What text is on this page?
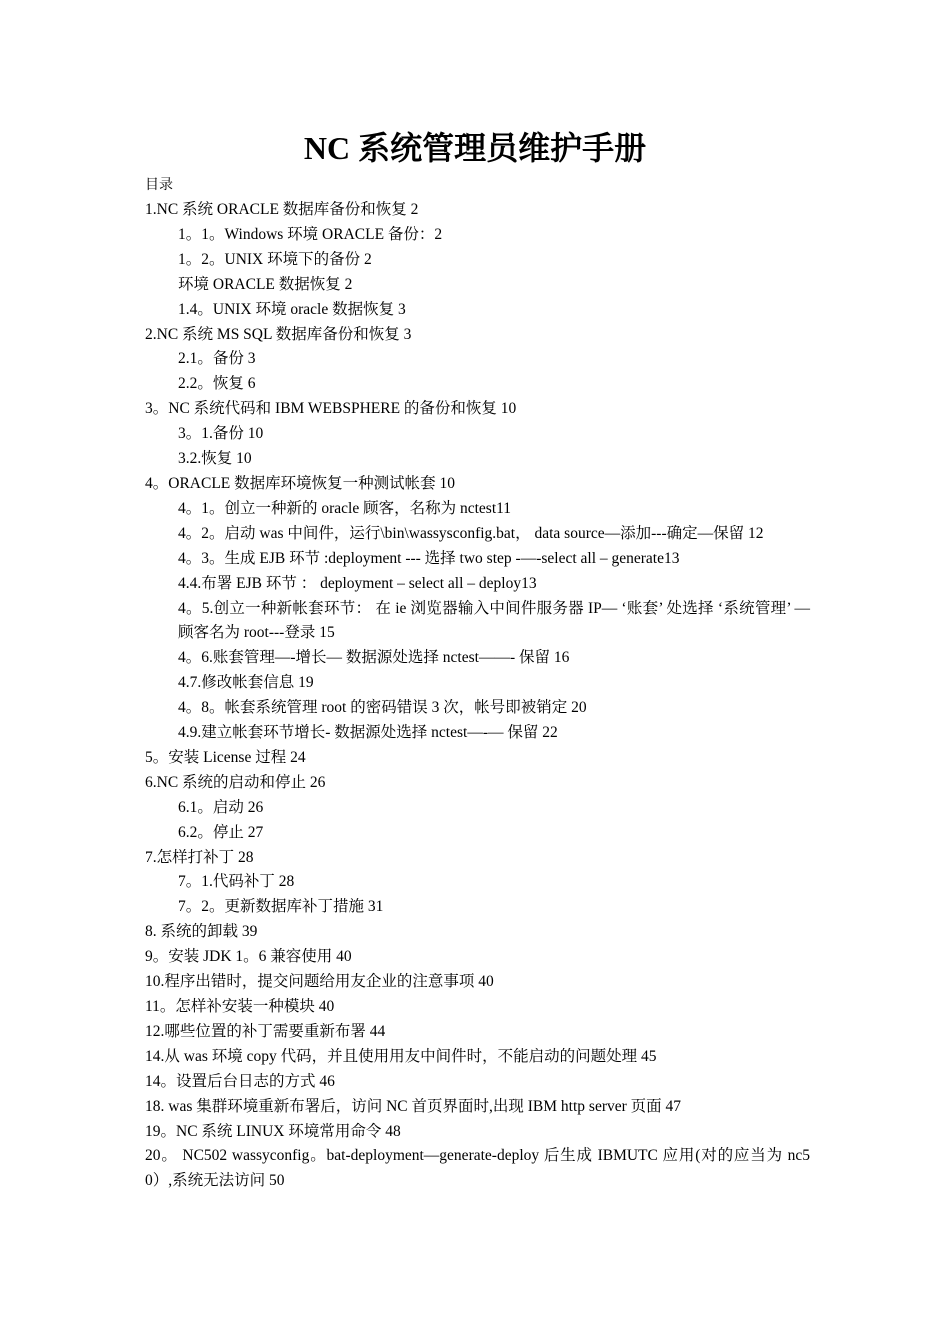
NC 系统管理员维护手册
目录
1.NC 系统 ORACLE 数据库备份和恢复 2
1。1。Windows 环境 ORACLE 备份：2
1。2。UNIX 环境下的备份 2
环境 ORACLE 数据恢复 2
1.4。UNIX 环境 oracle 数据恢复 3
2.NC 系统 MS SQL 数据库备份和恢复 3
2.1。备份 3
2.2。恢复 6
3。NC 系统代码和 IBM WEBSPHERE 的备份和恢复 10
3。1.备份 10
3.2.恢复 10
4。ORACLE 数据库环境恢复一种测试帐套 10
4。1。创立一种新的 oracle 顾客，名称为 nctest11
4。2。启动 was 中间件，运行\bin\wassysconfig.bat， data source—添加---确定—保留 12
4。3。生成 EJB 环节 :deployment --- 选择 two step -—-select all – generate13
4.4.布署 EJB 环节 ： deployment – select all – deploy13
4。5.创立一种新帐套环节： 在 ie 浏览器输入中间件服务器 IP— ‘账套’ 处选择 ‘系统管理’ —顾客名为 root---登录 15
4。6.账套管理—-增长— 数据源处选择 nctest——- 保留 16
4.7.修改帐套信息 19
4。8。帐套系统管理 root 的密码错误 3 次，帐号即被销定 20
4.9.建立帐套环节增长- 数据源处选择 nctest—-— 保留 22
5。安装 License 过程 24
6.NC 系统的启动和停止 26
6.1。启动 26
6.2。停止 27
7.怎样打补丁 28
7。1.代码补丁 28
7。2。更新数据库补丁措施 31
8. 系统的卸载 39
9。安装 JDK 1。6 兼容使用 40
10.程序出错时，提交问题给用友企业的注意事项 40
11。怎样补安装一种模块 40
12.哪些位置的补丁需要重新布署 44
14.从 was 环境 copy 代码，并且使用用友中间件时，不能启动的问题处理 45
14。设置后台日志的方式 46
18. was 集群环境重新布署后，访问 NC 首页界面时,出现 IBM http server 页面 47
19。NC 系统 LINUX 环境常用命令 48
20。 NC502 wassyconfig。bat-deployment—generate-deploy 后生成 IBMUTC 应用(对的应当为 nc50）,系统无法访问 50
